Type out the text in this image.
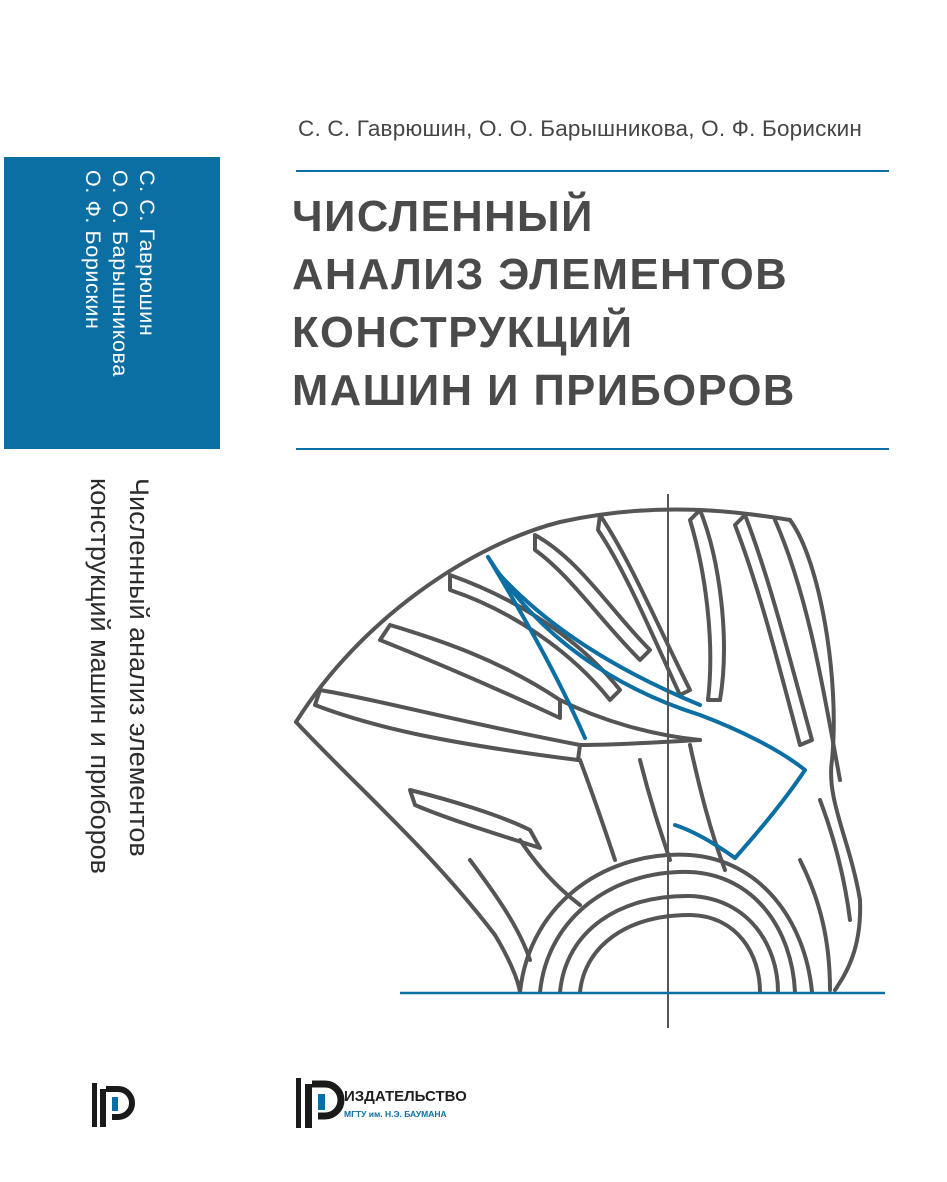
С. С. Гаврюшин
О. О. Барышникова
О. Ф. Борискин
Численный анализ элементов
конструкций машин и приборов
С. С. Гаврюшин, О. О. Барышникова, О. Ф. Борискин
ЧИСЛЕННЫЙ
АНАЛИЗ ЭЛЕМЕНТОВ
КОНСТРУКЦИЙ
МАШИН И ПРИБОРОВ
ИЗДАТЕЛЬСТВО
МГТУ им. Н.Э. БАУМАНА
